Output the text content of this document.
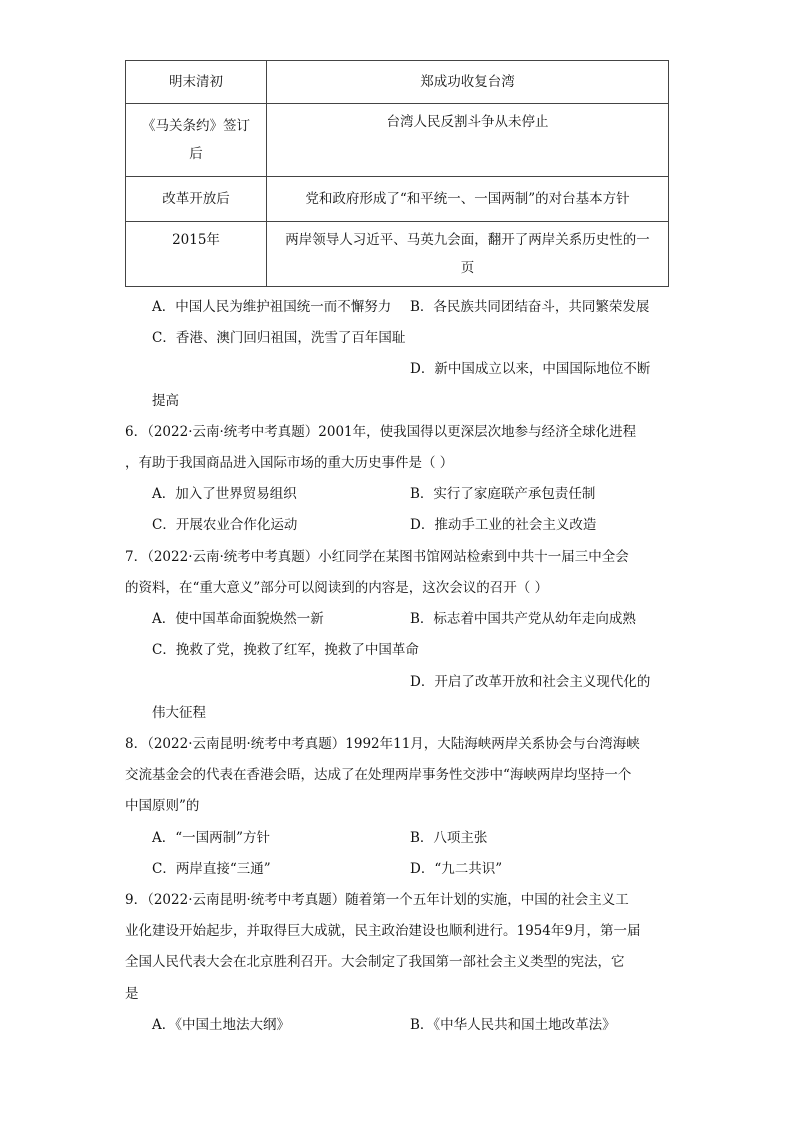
明末清初	郑成功收复台湾

《马关条约》签订
后	台湾人民反割斗争从未停止
改革开放后	党和政府形成了“和平统一、一国两制”的对台基本方针
2015年	两岸领导人习近平、马英九会面，翻开了两岸关系历史性的一
页
A．中国人民为维护祖国统一而不懈努力 B．各民族共同团结奋斗，共同繁荣发展
C．香港、澳门回归祖国，洗雪了百年国耻
D．新中国成立以来，中国国际地位不断
提高
6．（2022·云南·统考中考真题）2001年，使我国得以更深层次地参与经济全球化进程
，有助于我国商品进入国际市场的重大历史事件是（ ）
A．加入了世界贸易组织	B．实行了家庭联产承包责任制
C．开展农业合作化运动	D．推动手工业的社会主义改造
7．（2022·云南·统考中考真题）小红同学在某图书馆网站检索到中共十一届三中全会
的资料，在“重大意义”部分可以阅读到的内容是，这次会议的召开（ ）
A．使中国革命面貌焕然一新	B．标志着中国共产党从幼年走向成熟
C．挽救了党，挽救了红军，挽救了中国革命
D．开启了改革开放和社会主义现代化的
伟大征程
8．（2022·云南昆明·统考中考真题）1992年11月，大陆海峡两岸关系协会与台湾海峡
交流基金会的代表在香港会晤，达成了在处理两岸事务性交涉中“海峡两岸均坚持一个
中国原则”的
A．“一国两制”方针	B．八项主张
C．两岸直接“三通”	D．“九二共识”
9．（2022·云南昆明·统考中考真题）随着第一个五年计划的实施，中国的社会主义工
业化建设开始起步，并取得巨大成就，民主政治建设也顺利进行。1954年9月，第一届
全国人民代表大会在北京胜利召开。大会制定了我国第一部社会主义类型的宪法，它
是
A．《中国土地法大纲》	B．《中华人民共和国土地改革法》
